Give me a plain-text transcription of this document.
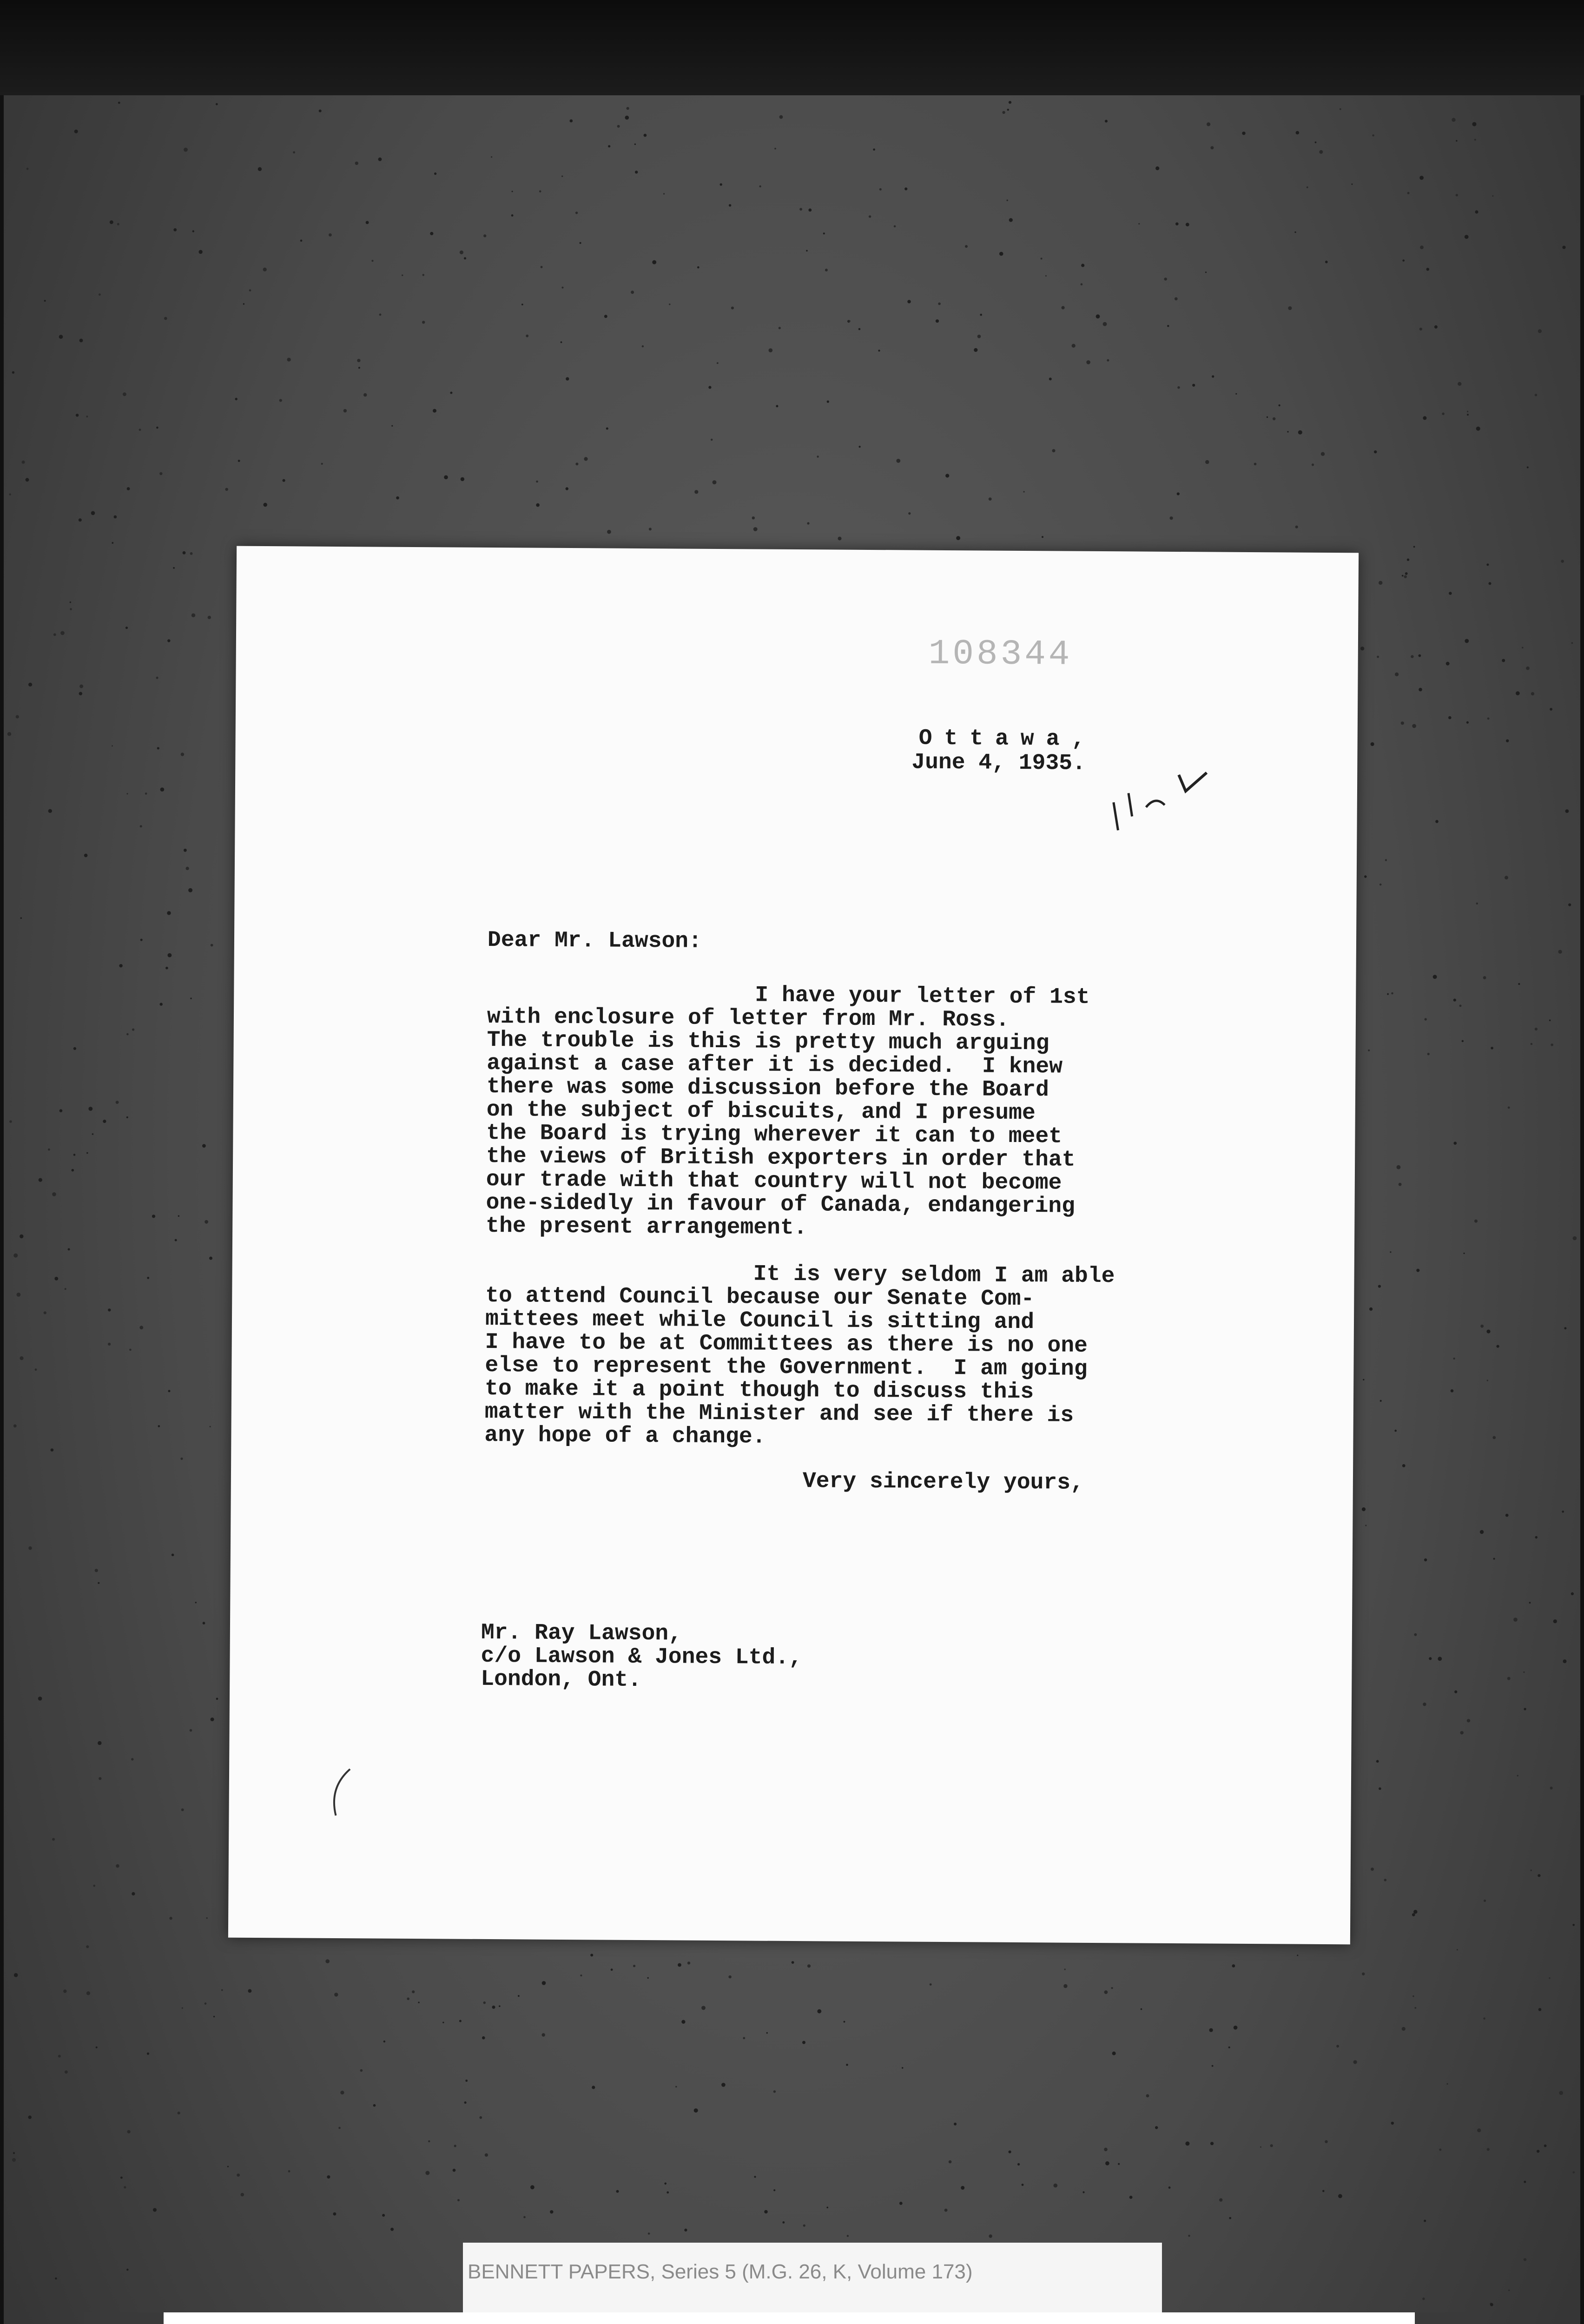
108344
Ottawa,
June 4, 1935.
Dear Mr. Lawson:
I have your letter of 1st
with enclosure of letter from Mr. Ross.
The trouble is this is pretty much arguing
against a case after it is decided.  I knew
there was some discussion before the Board
on the subject of biscuits, and I presume
the Board is trying wherever it can to meet
the views of British exporters in order that
our trade with that country will not become
one-sidedly in favour of Canada, endangering
the present arrangement.

It is very seldom I am able
to attend Council because our Senate Com-
mittees meet while Council is sitting and
I have to be at Committees as there is no one
else to represent the Government.  I am going
to make it a point though to discuss this
matter with the Minister and see if there is
any hope of a change.
Very sincerely yours,
Mr. Ray Lawson,
c/o Lawson & Jones Ltd.,
London, Ont.
BENNETT PAPERS, Series 5 (M.G. 26, K, Volume 173)
